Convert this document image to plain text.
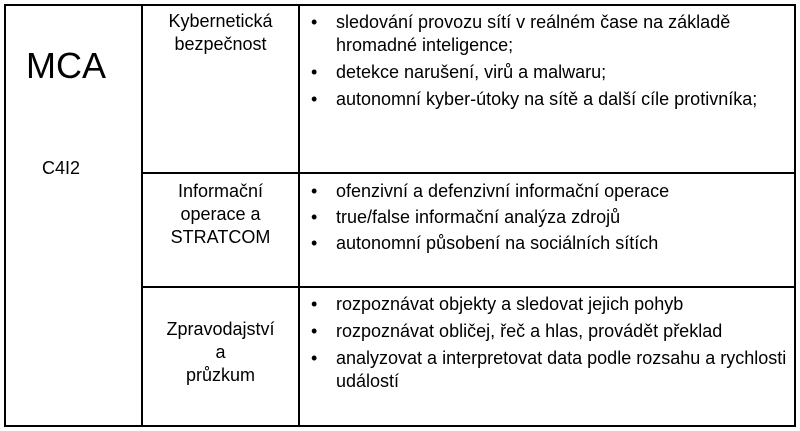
MCA
C4I2
Kybernetická
bezpečnost
• sledování provozu sítí v reálném čase na základě hromadné inteligence;
• detekce narušení, virů a malwaru;
• autonomní kyber-útoky na sítě a další cíle protivníka;
Informační
operace a
STRATCOM
• ofenzivní a defenzivní informační operace
• true/false informační analýza zdrojů
• autonomní působení na sociálních sítích
Zpravodajství
a
průzkum
• rozpoznávat objekty a sledovat jejich pohyb
• rozpoznávat obličej, řeč a hlas, provádět překlad
• analyzovat a interpretovat data podle rozsahu a rychlosti událostí
